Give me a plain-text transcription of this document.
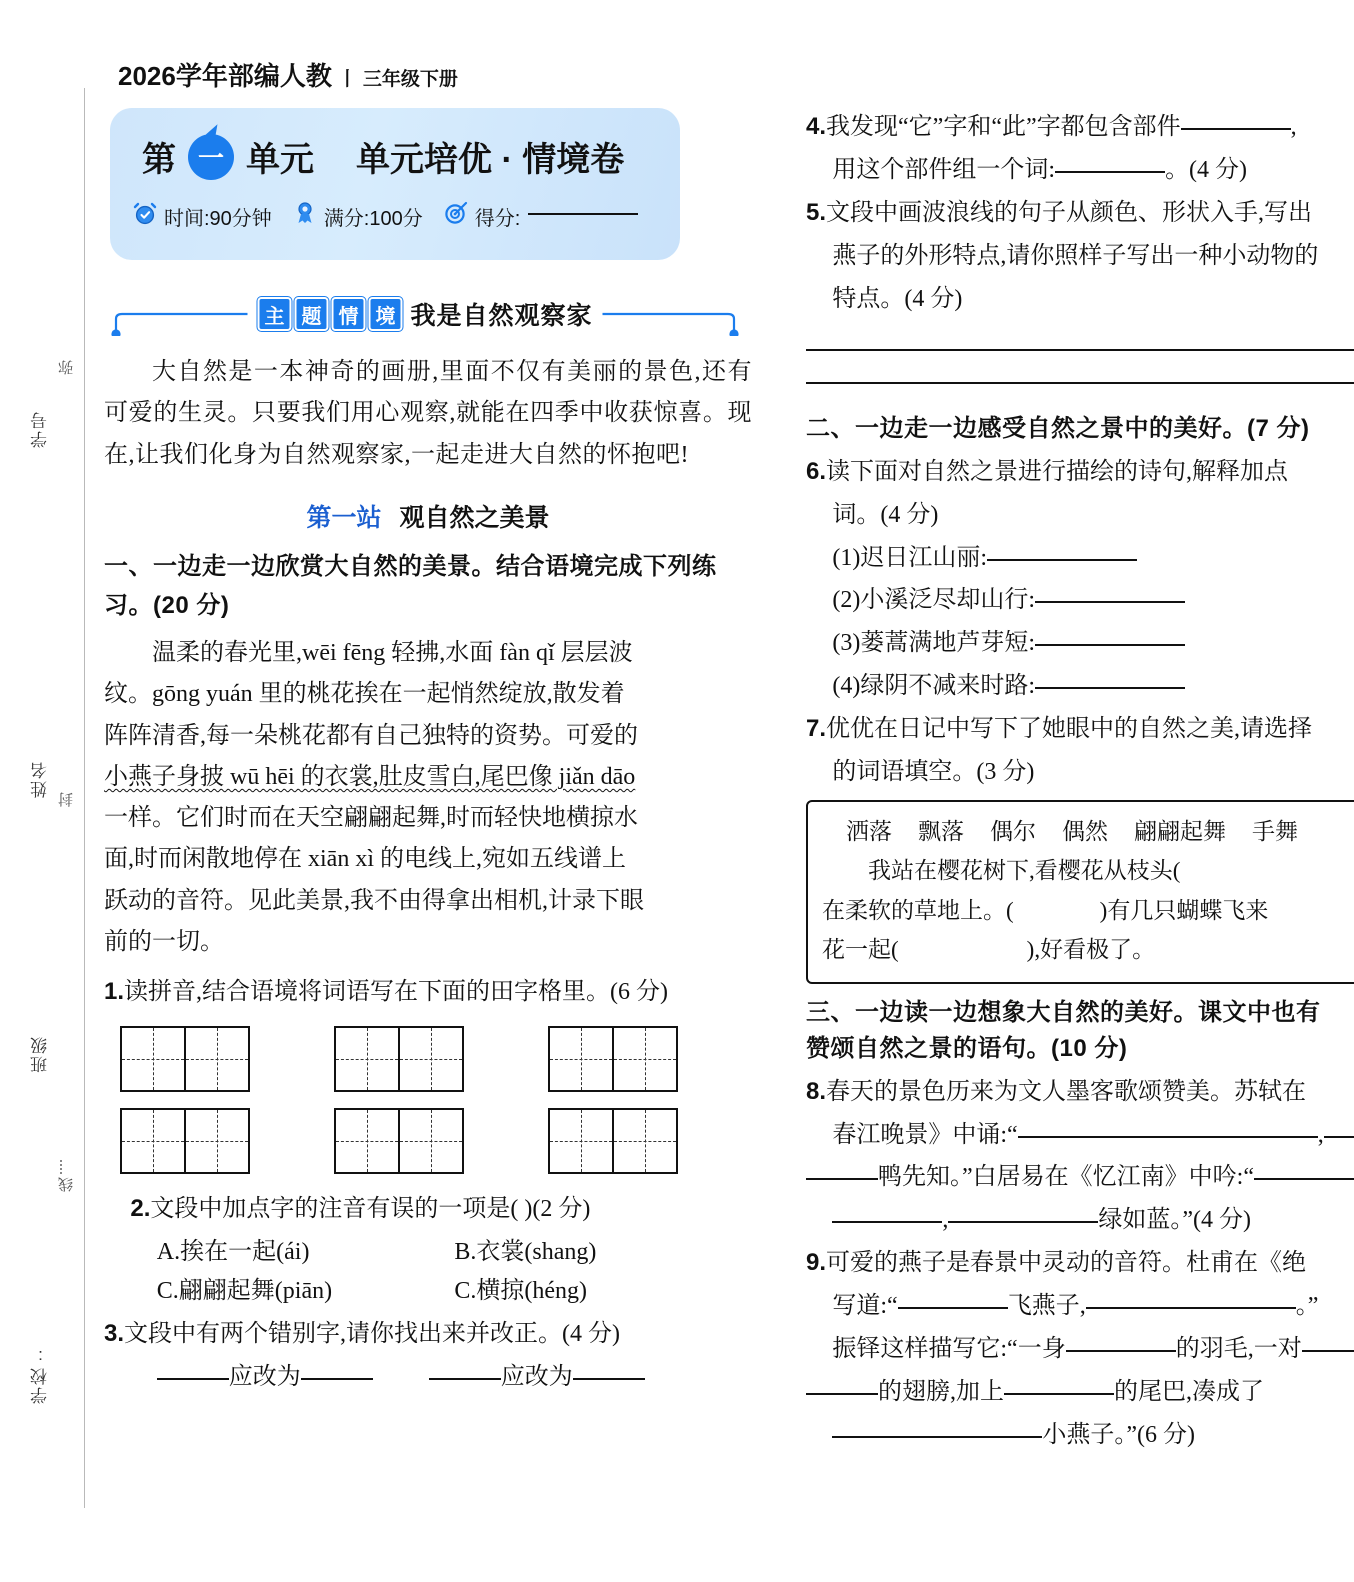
弥
学号
姓名
封
班级
线
学校:
2026学年部编人教 丨 三年级下册
第 一 单元 单元培优 · 情境卷
时间:90分钟	满分:100分	得分:
主 题 情 境 我是自然观察家
大自然是一本神奇的画册,里面不仅有美丽的景色,还有可爱的生灵。只要我们用心观察,就能在四季中收获惊喜。现在,让我们化身为自然观察家,一起走进大自然的怀抱吧!
第一站 观自然之美景
一、一边走一边欣赏大自然的美景。结合语境完成下列练习。(20 分)
温柔的春光里,wēi fēng 轻拂,水面 fàn qǐ 层层波
纹。gōng yuán 里的桃花挨在一起悄然绽放,散发着
阵阵清香,每一朵桃花都有自己独特的资势。可爱的
小燕子身披 wū hēi 的衣裳,肚皮雪白,尾巴像 jiǎn dāo
一样。它们时而在天空翩翩起舞,时而轻快地横掠水
面,时而闲散地停在 xiān xì 的电线上,宛如五线谱上
跃动的音符。见此美景,我不由得拿出相机,计录下眼
前的一切。
1.读拼音,结合语境将词语写在下面的田字格里。(6 分)
2.文段中加点字的注音有误的一项是( )(2 分)
A.挨在一起(ái)	B.衣裳(shang)
C.翩翩起舞(piān)	C.横掠(héng)
3.文段中有两个错别字,请你找出来并改正。(4 分)
应改为	应改为
4.我发现“它”字和“此”字都包含部件	,
用这个部件组一个词:	。(4 分)
5.文段中画波浪线的句子从颜色、形状入手,写出
燕子的外形特点,请你照样子写出一种小动物的
特点。(4 分)
二、一边走一边感受自然之景中的美好。(7 分)
6.读下面对自然之景进行描绘的诗句,解释加点
词。(4 分)
(1)迟日江山丽:
(2)小溪泛尽却山行:
(3)蒌蒿满地芦芽短:
(4)绿阴不减来时路:
7.优优在日记中写下了她眼中的自然之美,请选择
的词语填空。(3 分)
洒落 飘落 偶尔 偶然 翩翩起舞 手舞
我站在樱花树下,看樱花从枝头(
在柔软的草地上。(	)有几只蝴蝶飞来
花一起(	),好看极了。
三、一边读一边想象大自然的美好。课文中也有
赞颂自然之景的语句。(10 分)
8.春天的景色历来为文人墨客歌颂赞美。苏轼在
春江晚景》中诵:“	,
鸭先知。”白居易在《忆江南》中吟:“
,	绿如蓝。”(4 分)
9.可爱的燕子是春景中灵动的音符。杜甫在《绝
写道:“	飞燕子,	。”
振铎这样描写它:“一身	的羽毛,一对
的翅膀,加上	的尾巴,凑成了
小燕子。”(6 分)
